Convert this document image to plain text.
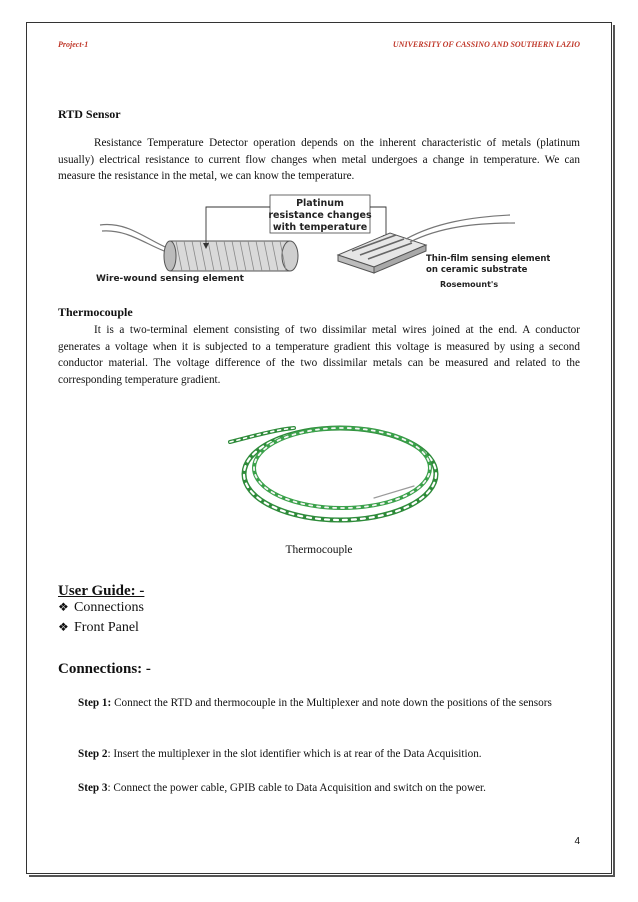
Project-1	UNIVERSITY OF CASSINO AND SOUTHERN LAZIO
RTD Sensor

Resistance Temperature Detector operation depends on the inherent characteristic of metals (platinum usually) electrical resistance to current flow changes when metal undergoes a change in temperature. We can measure the resistance in the metal, we can know the temperature.

Platinum
resistance changes
with temperature
Wire-wound sensing element
Thin-film sensing element
on ceramic substrate
Rosemount's
Thermocouple

It is a two-terminal element consisting of two dissimilar metal wires joined at the end. A conductor generates a voltage when it is subjected to a temperature gradient this voltage is measured by using a second conductor material. The voltage difference of the two dissimilar metals can be measured and related to the corresponding temperature gradient.

Thermocouple
User Guide: -
❖ Connections
❖ Front Panel
Connections: -

Step 1: Connect the RTD and thermocouple in the Multiplexer and note down the positions of the sensors

Step 2: Insert the multiplexer in the slot identifier which is at rear of the Data Acquisition.

Step 3: Connect the power cable, GPIB cable to Data Acquisition and switch on the power.

4
